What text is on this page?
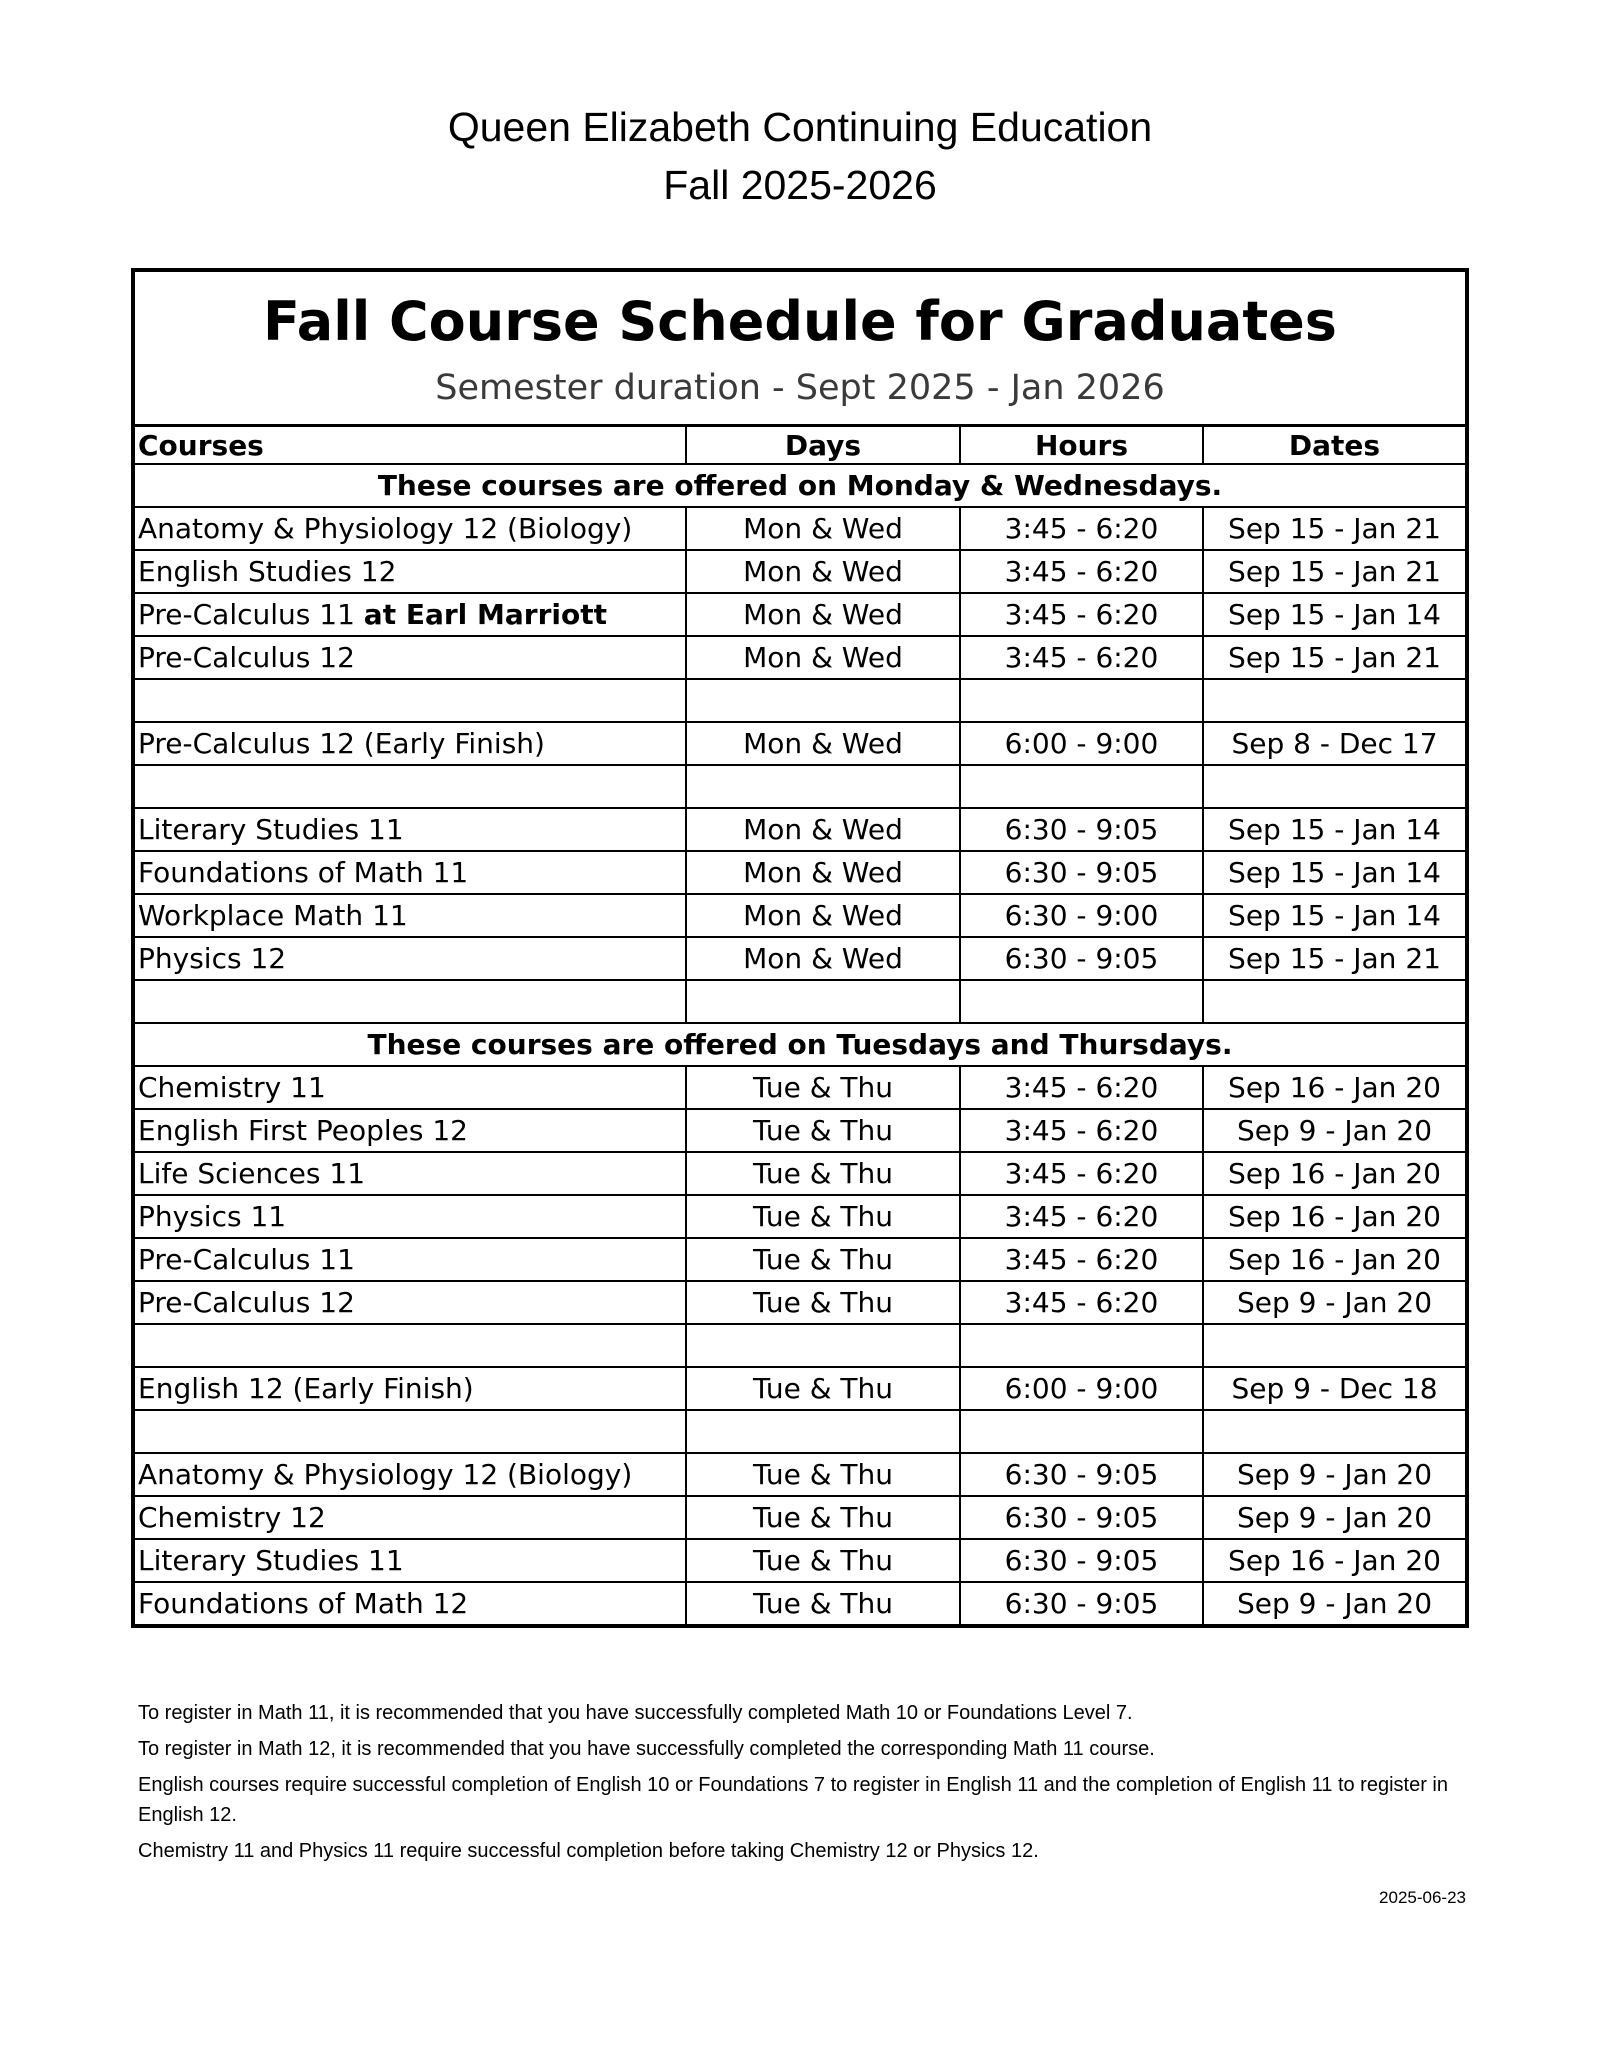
Queen Elizabeth Continuing Education
Fall 2025-2026
Fall Course Schedule for Graduates
Semester duration - Sept 2025 - Jan 2026
Courses	Days	Hours	Dates
These courses are offered on Monday & Wednesdays.			
Anatomy & Physiology 12 (Biology)	Mon & Wed	3:45 - 6:20	Sep 15 - Jan 21
English Studies 12	Mon & Wed	3:45 - 6:20	Sep 15 - Jan 21
Pre-Calculus 11 at Earl Marriott	Mon & Wed	3:45 - 6:20	Sep 15 - Jan 14
Pre-Calculus 12	Mon & Wed	3:45 - 6:20	Sep 15 - Jan 21

Pre-Calculus 12 (Early Finish)	Mon & Wed	6:00 - 9:00	Sep 8 - Dec 17

Literary Studies 11	Mon & Wed	6:30 - 9:05	Sep 15 - Jan 14
Foundations of Math 11	Mon & Wed	6:30 - 9:05	Sep 15 - Jan 14
Workplace Math 11	Mon & Wed	6:30 - 9:00	Sep 15 - Jan 14
Physics 12	Mon & Wed	6:30 - 9:05	Sep 15 - Jan 21

These courses are offered on Tuesdays and Thursdays.			
Chemistry 11	Tue & Thu	3:45 - 6:20	Sep 16 - Jan 20
English First Peoples 12	Tue & Thu	3:45 - 6:20	Sep 9 - Jan 20
Life Sciences 11	Tue & Thu	3:45 - 6:20	Sep 16 - Jan 20
Physics 11	Tue & Thu	3:45 - 6:20	Sep 16 - Jan 20
Pre-Calculus 11	Tue & Thu	3:45 - 6:20	Sep 16 - Jan 20
Pre-Calculus 12	Tue & Thu	3:45 - 6:20	Sep 9 - Jan 20

English 12 (Early Finish)	Tue & Thu	6:00 - 9:00	Sep 9 - Dec 18

Anatomy & Physiology 12 (Biology)	Tue & Thu	6:30 - 9:05	Sep 9 - Jan 20
Chemistry 12	Tue & Thu	6:30 - 9:05	Sep 9 - Jan 20
Literary Studies 11	Tue & Thu	6:30 - 9:05	Sep 16 - Jan 20
Foundations of Math 12	Tue & Thu	6:30 - 9:05	Sep 9 - Jan 20

To register in Math 11, it is recommended that you have successfully completed Math 10 or Foundations Level 7.

To register in Math 12, it is recommended that you have successfully completed the corresponding Math 11 course.

English courses require successful completion of English 10 or Foundations 7 to register in English 11 and the completion of English 11 to register in English 12.

Chemistry 11 and Physics 11 require successful completion before taking Chemistry 12 or Physics 12.

2025-06-23
